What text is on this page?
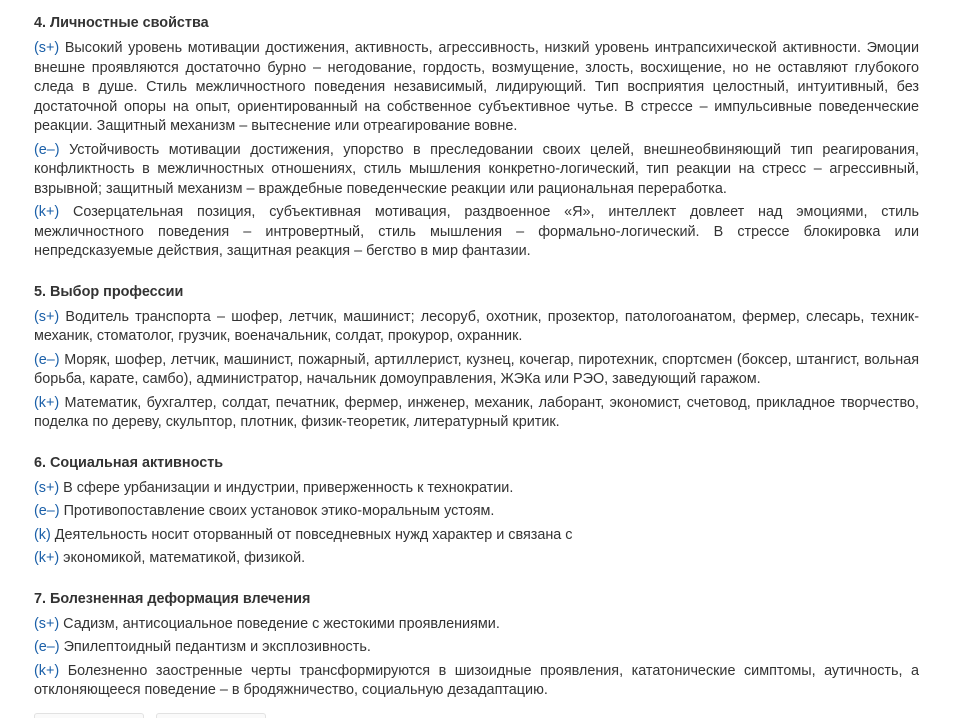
4. Личностные свойства

(s+) Высокий уровень мотивации достижения, активность, агрессивность, низкий уровень интрапсихической активности. Эмоции внешне проявляются достаточно бурно – негодование, гордость, возмущение, злость, восхищение, но не оставляют глубокого следа в душе. Стиль межличностного поведения независимый, лидирующий. Тип восприятия целостный, интуитивный, без достаточной опоры на опыт, ориентированный на собственное субъективное чутье. В стрессе – импульсивные поведенческие реакции. Защитный механизм – вытеснение или отреагирование вовне.

(e–) Устойчивость мотивации достижения, упорство в преследовании своих целей, внешнеобвиняющий тип реагирования, конфликтность в межличностных отношениях, стиль мышления конкретно-логический, тип реакции на стресс – агрессивный, взрывной; защитный механизм – враждебные поведенческие реакции или рациональная переработка.

(k+) Созерцательная позиция, субъективная мотивация, раздвоенное «Я», интеллект довлеет над эмоциями, стиль межличностного поведения – интровертный, стиль мышления – формально-логический. В стрессе блокировка или непредсказуемые действия, защитная реакция – бегство в мир фантазии.

5. Выбор профессии

(s+) Водитель транспорта – шофер, летчик, машинист; лесоруб, охотник, прозектор, патологоанатом, фермер, слесарь, техник-механик, стоматолог, грузчик, военачальник, солдат, прокурор, охранник.

(e–) Моряк, шофер, летчик, машинист, пожарный, артиллерист, кузнец, кочегар, пиротехник, спортсмен (боксер, штангист, вольная борьба, карате, самбо), администратор, начальник домоуправления, ЖЭКа или РЭО, заведующий гаражом.

(k+) Математик, бухгалтер, солдат, печатник, фермер, инженер, механик, лаборант, экономист, счетовод, прикладное творчество, поделка по дереву, скульптор, плотник, физик-теоретик, литературный критик.

6. Социальная активность

(s+) В сфере урбанизации и индустрии, приверженность к технократии.

(e–) Противопоставление своих установок этико-моральным устоям.

(k) Деятельность носит оторванный от повседневных нужд характер и связана с

(k+) экономикой, математикой, физикой.

7. Болезненная деформация влечения

(s+) Садизм, антисоциальное поведение с жестокими проявлениями.

(e–) Эпилептоидный педантизм и эксплозивность.

(k+) Болезненно заостренные черты трансформируются в шизоидные проявления, кататонические симптомы, аутичность, а отклоняющееся поведение – в бродяжничество, социальную дезадаптацию.
